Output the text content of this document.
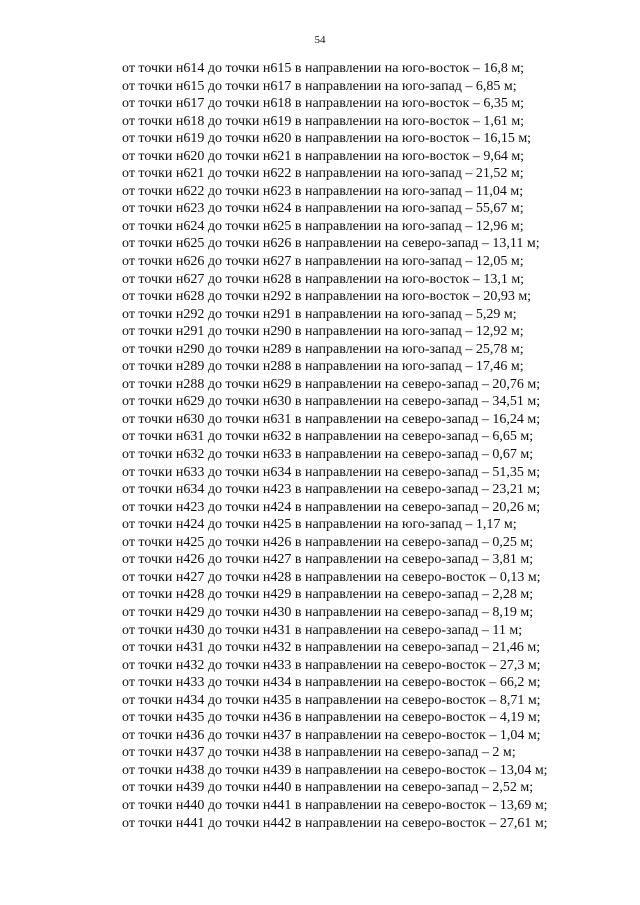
54
от точки н614 до точки н615 в направлении на юго-восток – 16,8 м;
от точки н615 до точки н617 в направлении на юго-запад – 6,85 м;
от точки н617 до точки н618 в направлении на юго-восток – 6,35 м;
от точки н618 до точки н619 в направлении на юго-восток – 1,61 м;
от точки н619 до точки н620 в направлении на юго-восток – 16,15 м;
от точки н620 до точки н621 в направлении на юго-восток – 9,64 м;
от точки н621 до точки н622 в направлении на юго-запад – 21,52 м;
от точки н622 до точки н623 в направлении на юго-запад – 11,04 м;
от точки н623 до точки н624 в направлении на юго-запад – 55,67 м;
от точки н624 до точки н625 в направлении на юго-запад – 12,96 м;
от точки н625 до точки н626 в направлении на северо-запад – 13,11 м;
от точки н626 до точки н627 в направлении на юго-запад – 12,05 м;
от точки н627 до точки н628 в направлении на юго-восток – 13,1 м;
от точки н628 до точки н292 в направлении на юго-восток – 20,93 м;
от точки н292 до точки н291 в направлении на юго-запад – 5,29 м;
от точки н291 до точки н290 в направлении на юго-запад – 12,92 м;
от точки н290 до точки н289 в направлении на юго-запад – 25,78 м;
от точки н289 до точки н288 в направлении на юго-запад – 17,46 м;
от точки н288 до точки н629 в направлении на северо-запад – 20,76 м;
от точки н629 до точки н630 в направлении на северо-запад – 34,51 м;
от точки н630 до точки н631 в направлении на северо-запад – 16,24 м;
от точки н631 до точки н632 в направлении на северо-запад – 6,65 м;
от точки н632 до точки н633 в направлении на северо-запад – 0,67 м;
от точки н633 до точки н634 в направлении на северо-запад – 51,35 м;
от точки н634 до точки н423 в направлении на северо-запад – 23,21 м;
от точки н423 до точки н424 в направлении на северо-запад – 20,26 м;
от точки н424 до точки н425 в направлении на юго-запад – 1,17 м;
от точки н425 до точки н426 в направлении на северо-запад – 0,25 м;
от точки н426 до точки н427 в направлении на северо-запад – 3,81 м;
от точки н427 до точки н428 в направлении на северо-восток – 0,13 м;
от точки н428 до точки н429 в направлении на северо-запад – 2,28 м;
от точки н429 до точки н430 в направлении на северо-запад – 8,19 м;
от точки н430 до точки н431 в направлении на северо-запад – 11 м;
от точки н431 до точки н432 в направлении на северо-запад – 21,46 м;
от точки н432 до точки н433 в направлении на северо-восток – 27,3 м;
от точки н433 до точки н434 в направлении на северо-восток – 66,2 м;
от точки н434 до точки н435 в направлении на северо-восток – 8,71 м;
от точки н435 до точки н436 в направлении на северо-восток – 4,19 м;
от точки н436 до точки н437 в направлении на северо-восток – 1,04 м;
от точки н437 до точки н438 в направлении на северо-запад – 2 м;
от точки н438 до точки н439 в направлении на северо-восток – 13,04 м;
от точки н439 до точки н440 в направлении на северо-запад – 2,52 м;
от точки н440 до точки н441 в направлении на северо-восток – 13,69 м;
от точки н441 до точки н442 в направлении на северо-восток – 27,61 м;
